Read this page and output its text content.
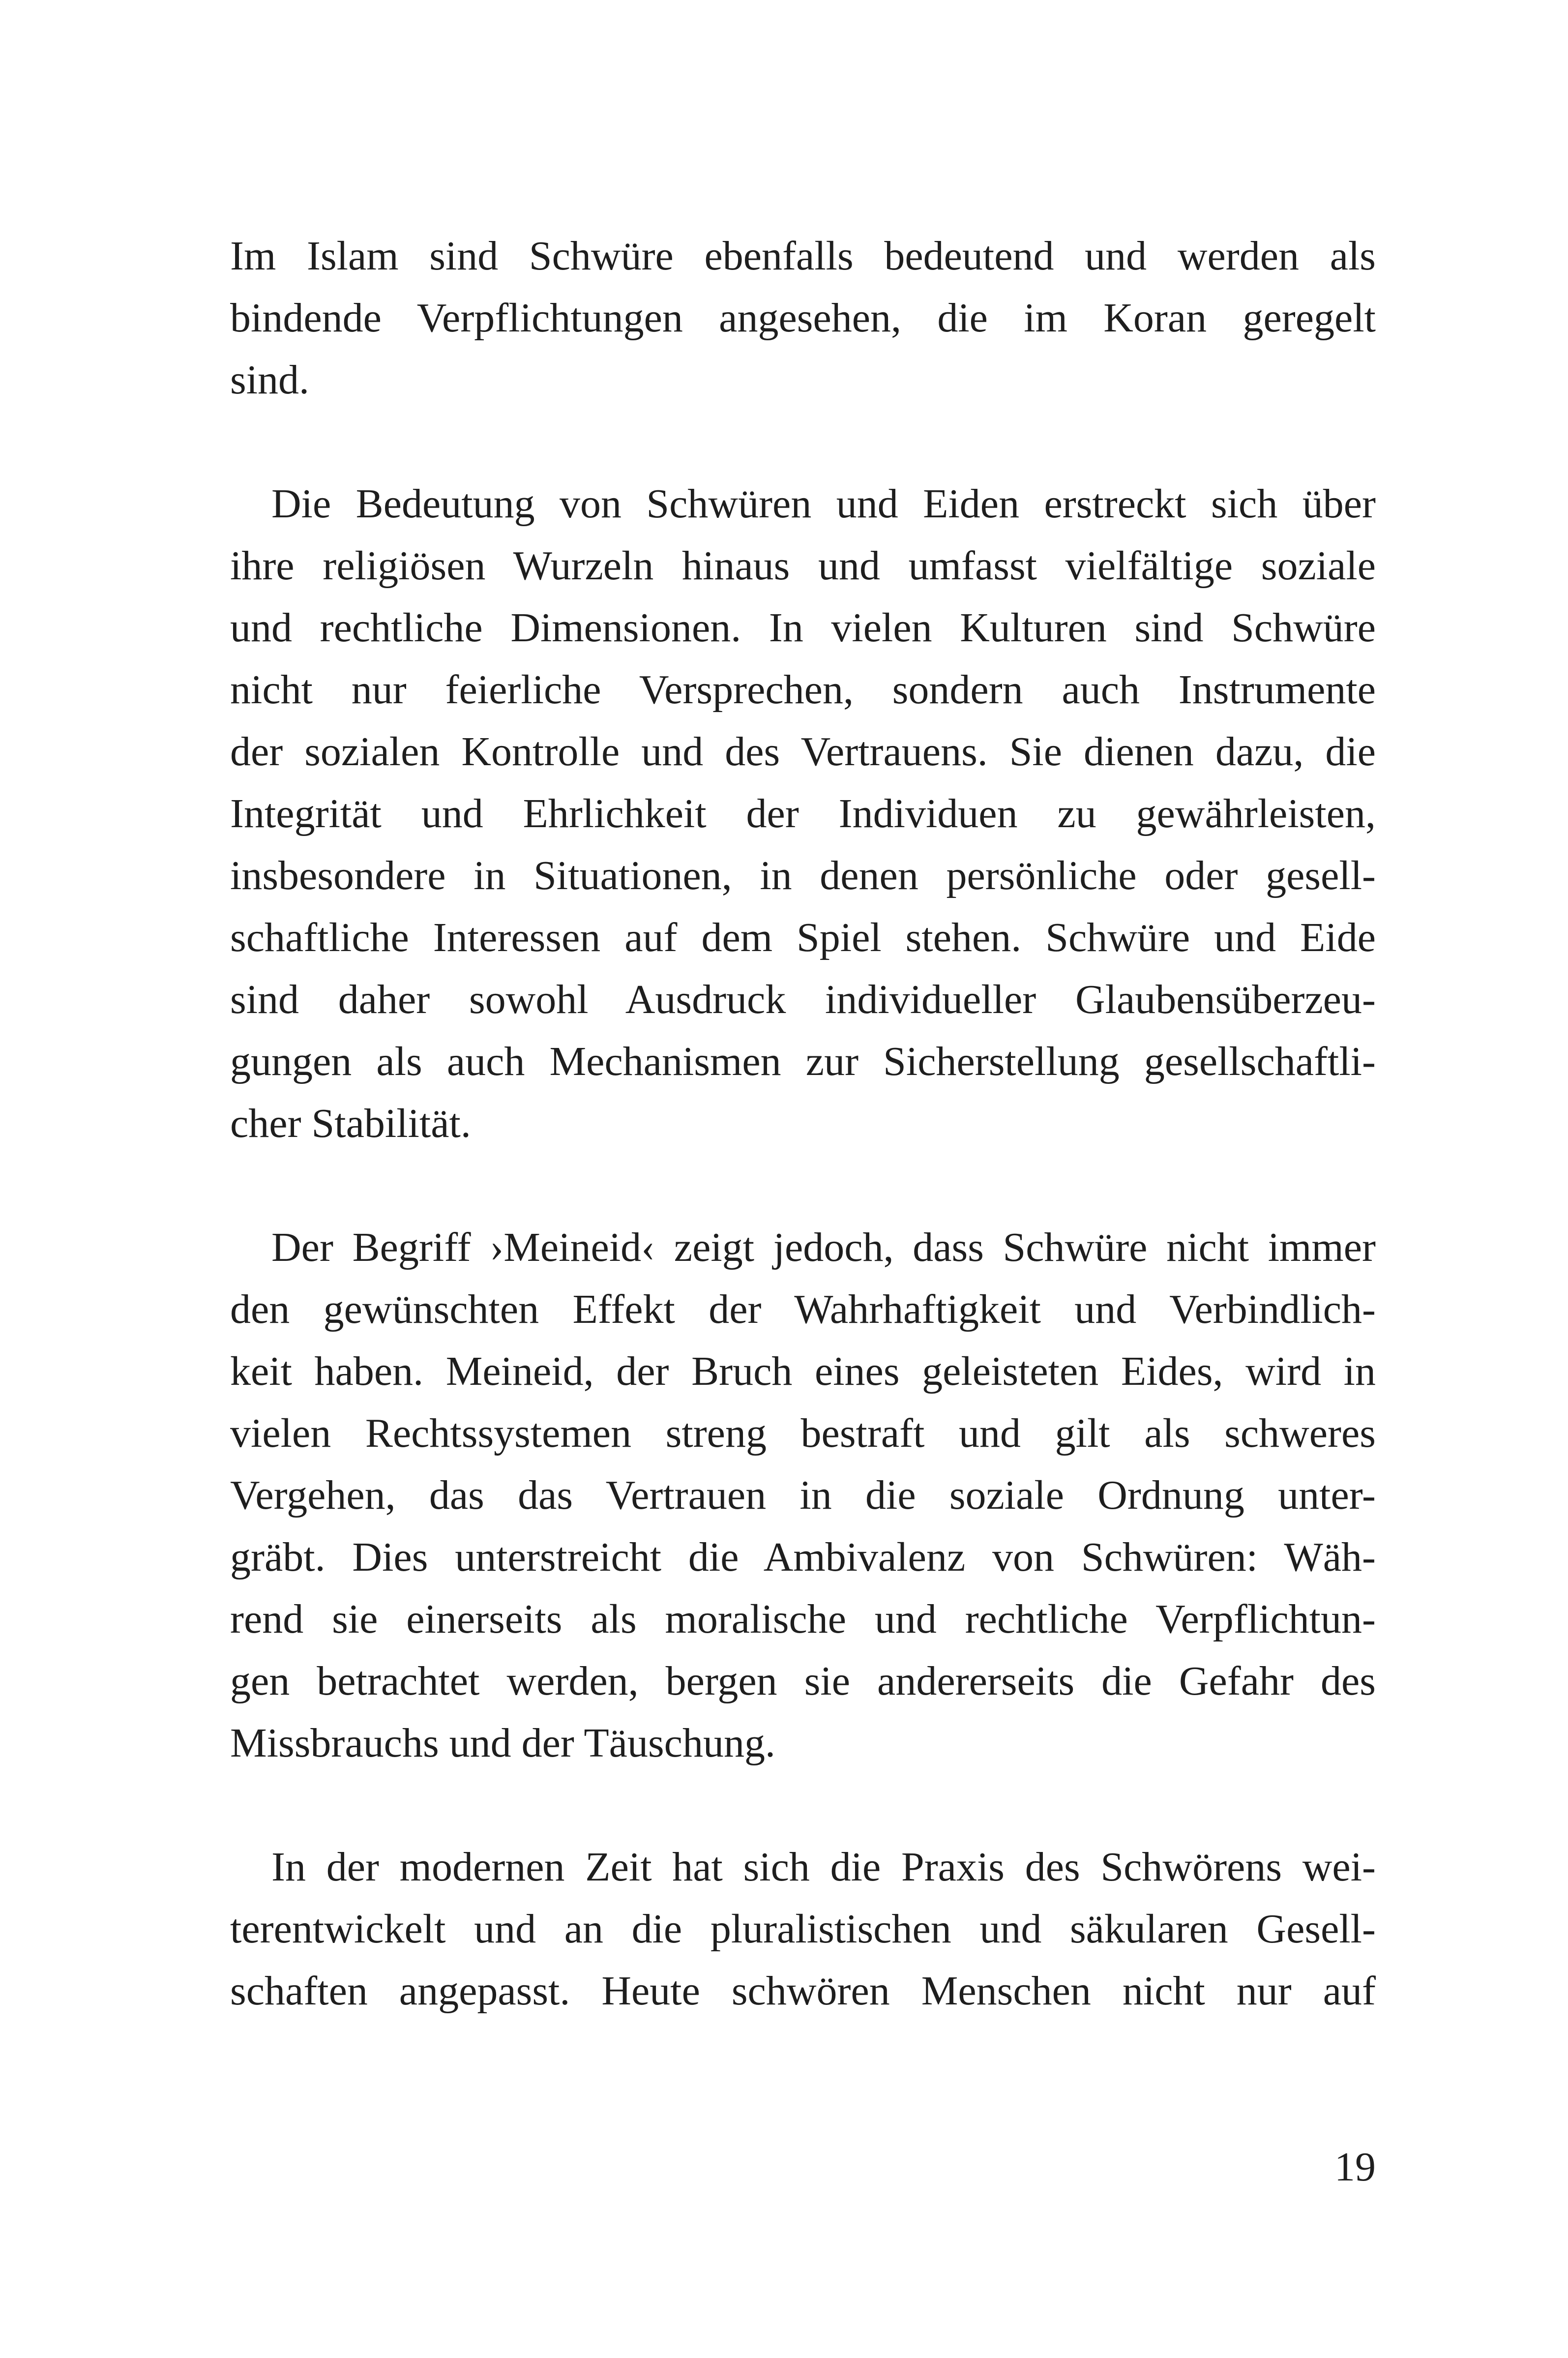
Im Islam sind Schwüre ebenfalls bedeutend und werden als
bindende Verpflichtungen angesehen, die im Koran geregelt
sind.
 Die Bedeutung von Schwüren und Eiden erstreckt sich über
ihre religiösen Wurzeln hinaus und umfasst vielfältige soziale
und rechtliche Dimensionen. In vielen Kulturen sind Schwüre
nicht nur feierliche Versprechen, sondern auch Instrumente
der sozialen Kontrolle und des Vertrauens. Sie dienen dazu, die
Integrität und Ehrlichkeit der Individuen zu gewährleisten,
insbesondere in Situationen, in denen persönliche oder gesell-
schaftliche Interessen auf dem Spiel stehen. Schwüre und Eide
sind daher sowohl Ausdruck individueller Glaubensüberzeu-
gungen als auch Mechanismen zur Sicherstellung gesellschaftli-
cher Stabilität.
 Der Begriff ›Meineid‹ zeigt jedoch, dass Schwüre nicht immer
den gewünschten Effekt der Wahrhaftigkeit und Verbindlich-
keit haben. Meineid, der Bruch eines geleisteten Eides, wird in
vielen Rechtssystemen streng bestraft und gilt als schweres
Vergehen, das das Vertrauen in die soziale Ordnung unter-
gräbt. Dies unterstreicht die Ambivalenz von Schwüren: Wäh-
rend sie einerseits als moralische und rechtliche Verpflichtun-
gen betrachtet werden, bergen sie andererseits die Gefahr des
Missbrauchs und der Täuschung.
 In der modernen Zeit hat sich die Praxis des Schwörens wei-
terentwickelt und an die pluralistischen und säkularen Gesell-
schaften angepasst. Heute schwören Menschen nicht nur auf
19
